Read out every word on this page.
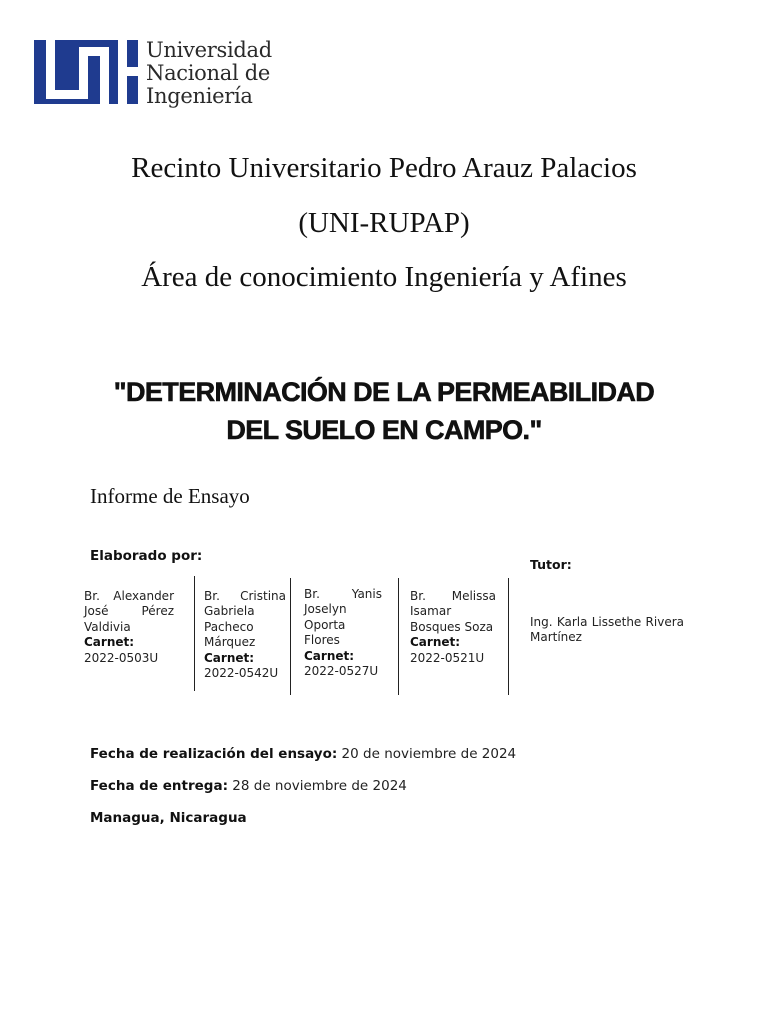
Universidad
Nacional de
Ingeniería
Recinto Universitario Pedro Arauz Palacios
(UNI-RUPAP)
Área de conocimiento Ingeniería y Afines
"DETERMINACIÓN DE LA PERMEABILIDAD
DEL SUELO EN CAMPO."
Informe de Ensayo
Elaborado por:
Br. Alexander José Pérez Valdivia
Carnet:
2022-0503U
Br. Cristina Gabriela Pacheco Márquez
Carnet:
2022-0542U
Br. Yanis Joselyn Oporta Flores
Carnet:
2022-0527U
Br. Melissa Isamar Bosques Soza
Carnet:
2022-0521U
Tutor:
Ing. Karla Lissethe Rivera Martínez
Fecha de realización del ensayo: 20 de noviembre de 2024
Fecha de entrega: 28 de noviembre de 2024
Managua, Nicaragua
